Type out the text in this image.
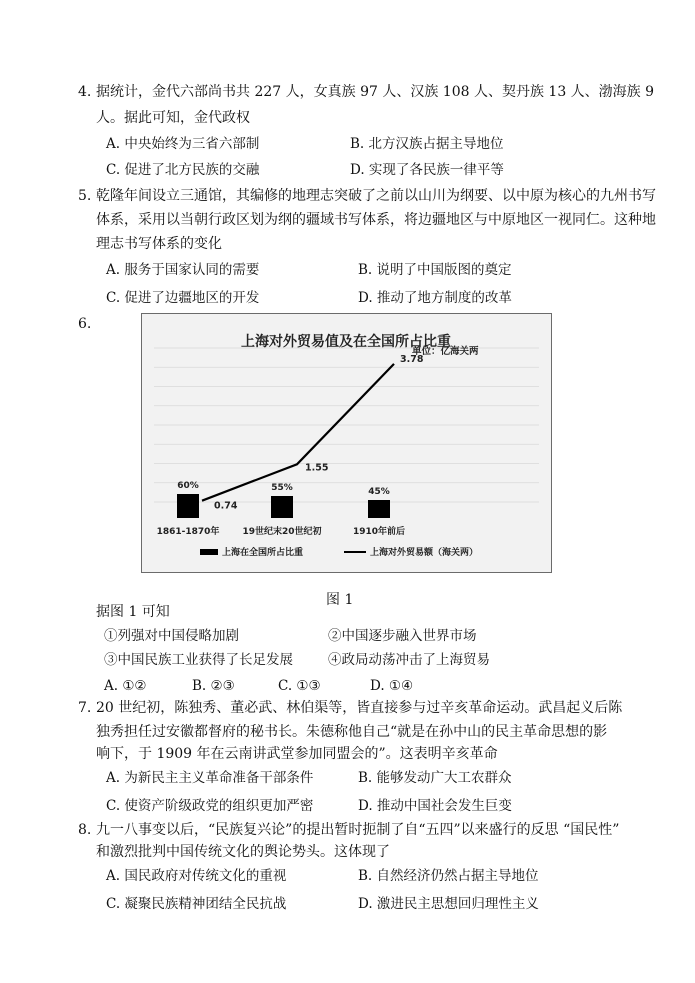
4. 据统计，金代六部尚书共 227 人，女真族 97 人、汉族 108 人、契丹族 13 人、渤海族 9
人。据此可知，金代政权
A. 中央始终为三省六部制	B. 北方汉族占据主导地位
C. 促进了北方民族的交融	D. 实现了各民族一律平等
5. 乾隆年间设立三通馆，其编修的地理志突破了之前以山川为纲要、以中原为核心的九州书写
体系，采用以当朝行政区划为纲的疆域书写体系，将边疆地区与中原地区一视同仁。这种地
理志书写体系的变化
A. 服务于国家认同的需要	B. 说明了中国版图的奠定
C. 促进了边疆地区的开发	D. 推动了地方制度的改革
6.
60%
1861-1870年
55%
19世纪末20世纪初
45%
1910年前后
0.74
1.55
3.78
上海对外贸易值及在全国所占比重
单位：亿海关两
上海在全国所占比重	上海对外贸易额（海关两）
图 1
据图 1 可知
①列强对中国侵略加剧	②中国逐步融入世界市场
③中国民族工业获得了长足发展	④政局动荡冲击了上海贸易
A. ①②	B. ②③	C. ①③	D. ①④
7. 20 世纪初，陈独秀、董必武、林伯渠等，皆直接参与过辛亥革命运动。武昌起义后陈
独秀担任过安徽都督府的秘书长。朱德称他自己“就是在孙中山的民主革命思想的影
响下，于 1909 年在云南讲武堂参加同盟会的”。这表明辛亥革命
A. 为新民主主义革命准备干部条件	B. 能够发动广大工农群众
C. 使资产阶级政党的组织更加严密	D. 推动中国社会发生巨变
8. 九一八事变以后，“民族复兴论”的提出暂时扼制了自“五四”以来盛行的反思 “国民性”
和激烈批判中国传统文化的舆论势头。这体现了
A. 国民政府对传统文化的重视	B. 自然经济仍然占据主导地位
C. 凝聚民族精神团结全民抗战	D. 激进民主思想回归理性主义
